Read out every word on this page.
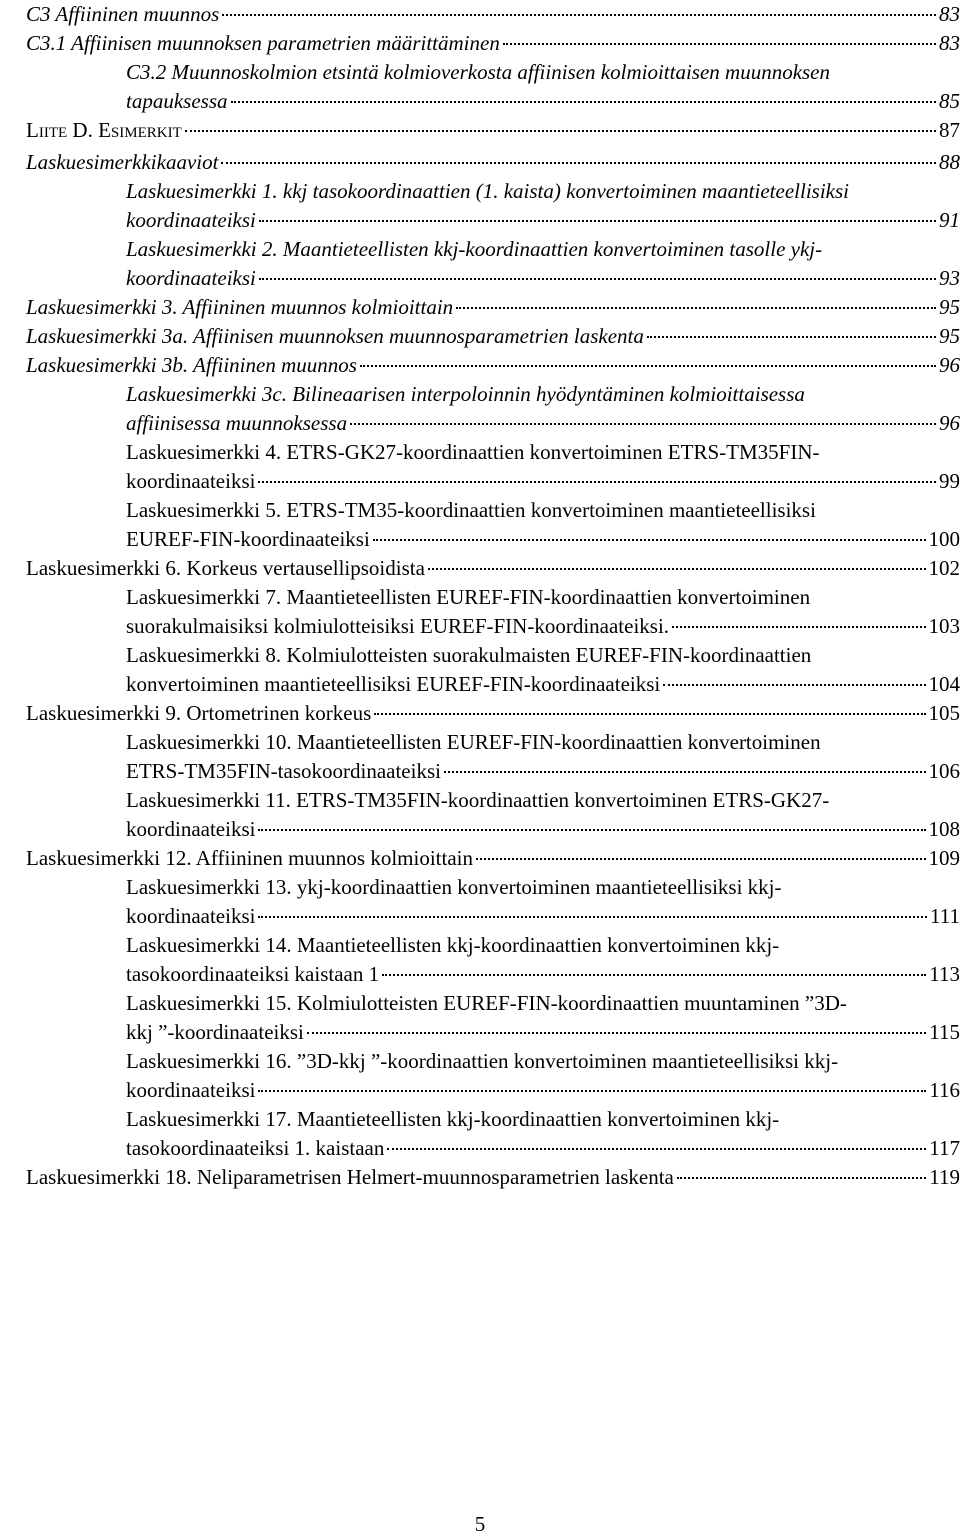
C3 Affiininen muunnos	83
C3.1 Affiinisen muunnoksen parametrien määrittäminen	83
C3.2 Muunnoskolmion etsintä kolmioverkosta affiinisen kolmioittaisen muunnoksen
tapauksessa	85
LIITE D. ESIMERKIT	87
Laskuesimerkkikaaviot	88
Laskuesimerkki 1. kkj tasokoordinaattien (1. kaista) konvertoiminen maantieteellisiksi
koordinaateiksi	91
Laskuesimerkki 2. Maantieteellisten kkj-koordinaattien konvertoiminen tasolle ykj-
koordinaateiksi	93
Laskuesimerkki 3. Affiininen muunnos kolmioittain	95
Laskuesimerkki 3a. Affiinisen muunnoksen muunnosparametrien laskenta	95
Laskuesimerkki 3b. Affiininen muunnos	96
Laskuesimerkki 3c. Bilineaarisen interpoloinnin hyödyntäminen kolmioittaisessa
affiinisessa muunnoksessa	96
Laskuesimerkki 4. ETRS-GK27-koordinaattien konvertoiminen ETRS-TM35FIN-
koordinaateiksi	99
Laskuesimerkki 5. ETRS-TM35-koordinaattien konvertoiminen maantieteellisiksi
EUREF-FIN-koordinaateiksi	100
Laskuesimerkki 6. Korkeus vertausellipsoidista	102
Laskuesimerkki 7. Maantieteellisten EUREF-FIN-koordinaattien konvertoiminen
suorakulmaisiksi kolmiulotteisiksi EUREF-FIN-koordinaateiksi.	103
Laskuesimerkki 8. Kolmiulotteisten suorakulmaisten EUREF-FIN-koordinaattien
konvertoiminen maantieteellisiksi EUREF-FIN-koordinaateiksi	104
Laskuesimerkki 9. Ortometrinen korkeus	105
Laskuesimerkki 10. Maantieteellisten EUREF-FIN-koordinaattien konvertoiminen
ETRS-TM35FIN-tasokoordinaateiksi	106
Laskuesimerkki 11. ETRS-TM35FIN-koordinaattien konvertoiminen ETRS-GK27-
koordinaateiksi	108
Laskuesimerkki 12. Affiininen muunnos kolmioittain	109
Laskuesimerkki 13. ykj-koordinaattien konvertoiminen maantieteellisiksi kkj-
koordinaateiksi	111
Laskuesimerkki 14. Maantieteellisten kkj-koordinaattien konvertoiminen kkj-
tasokoordinaateiksi kaistaan 1	113
Laskuesimerkki 15. Kolmiulotteisten EUREF-FIN-koordinaattien muuntaminen ”3D-
kkj ”-koordinaateiksi	115
Laskuesimerkki 16. ”3D-kkj ”-koordinaattien konvertoiminen maantieteellisiksi kkj-
koordinaateiksi	116
Laskuesimerkki 17. Maantieteellisten kkj-koordinaattien konvertoiminen kkj-
tasokoordinaateiksi 1. kaistaan	117
Laskuesimerkki 18. Neliparametrisen Helmert-muunnosparametrien laskenta	119
5
